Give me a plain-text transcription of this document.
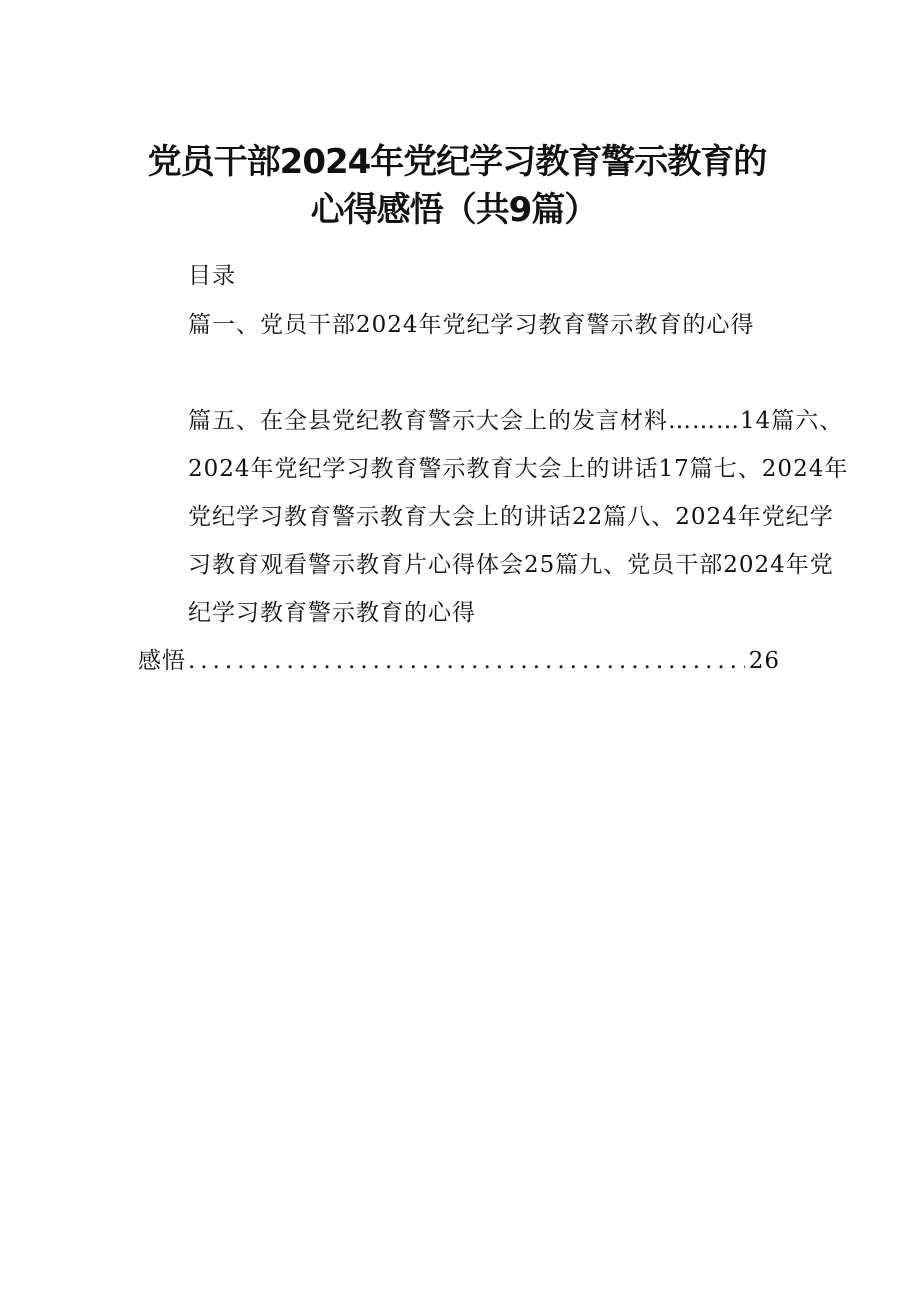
党员干部2024年党纪学习教育警示教育的
心得感悟（共9篇）
目录
篇一、党员干部2024年党纪学习教育警示教育的心得
篇五、在全县党纪教育警示大会上的发言材料………14篇六、
2024年党纪学习教育警示教育大会上的讲话17篇七、2024年
党纪学习教育警示教育大会上的讲话22篇八、2024年党纪学
习教育观看警示教育片心得体会25篇九、党员干部2024年党
纪学习教育警示教育的心得
感悟
.....	26
